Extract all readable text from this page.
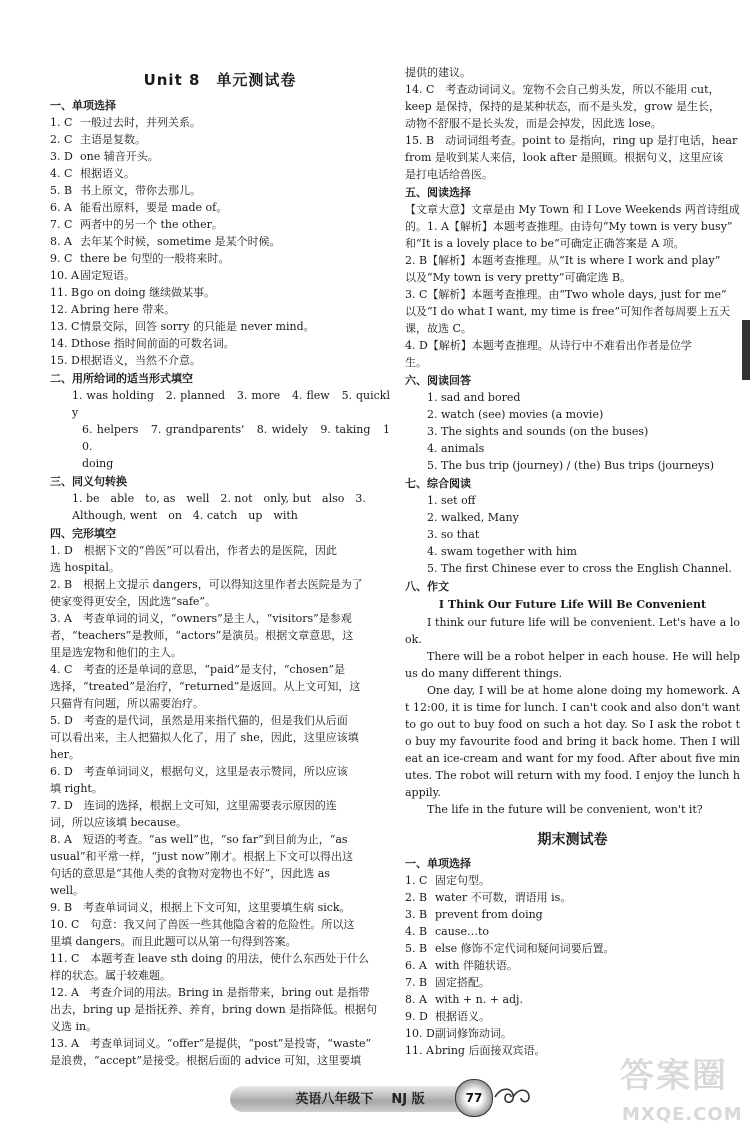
Unit 8　单元测试卷
一、单项选择
1. C 一般过去时，并列关系。
2. C 主语是复数。
3. D one 辅音开头。
4. C 根据语义。
5. B 书上原文，带你去那儿。
6. A 能看出原料，要是 made of。
7. C 两者中的另一个 the other。
8. A 去年某个时候，sometime 是某个时候。
9. C there be 句型的一般将来时。
10. A 固定短语。
11. B go on doing 继续做某事。
12. A bring here 带来。
13. C 情景交际，回答 sorry 的只能是 never mind。
14. D those 指时间前面的可数名词。
15. D 根据语义，当然不介意。
二、用所给词的适当形式填空
1. was holding　2. planned　3. more　4. flew　5. quickly
6. helpers　7. grandparents'　8. widely　9. taking　10.
doing
三、同义句转换
1. be　able　to, as　well　2. not　only, but　also　3.
Although, went　on　4. catch　up　with
四、完形填空
1. D　根据下文的“兽医”可以看出，作者去的是医院，因此
选 hospital。
2. B　根据上文提示 dangers，可以得知这里作者去医院是为了
使家变得更安全，因此选“safe”。
3. A　考查单词的词义，“owners”是主人，“visitors”是参观
者，“teachers”是教师，“actors”是演员。根据文章意思，这
里是选宠物和他们的主人。
4. C　考查的还是单词的意思，“paid”是支付，“chosen”是
选择，“treated”是治疗，“returned”是返回。从上文可知，这
只猫背有问题，所以需要治疗。
5. D　考查的是代词，虽然是用来指代猫的，但是我们从后面
可以看出来，主人把猫拟人化了，用了 she，因此，这里应该填
her。
6. D　考查单词词义，根据句义，这里是表示赞同，所以应该
填 right。
7. D　连词的选择，根据上文可知，这里需要表示原因的连
词，所以应该填 because。
8. A　短语的考查。“as well”也，“so far”到目前为止，“as
usual”和平常一样，“just now”刚才。根据上下文可以得出这
句话的意思是“其他人类的食物对宠物也不好”，因此选 as
well。
9. B　考查单词词义，根据上下文可知，这里要填生病 sick。
10. C　句意：我又问了兽医一些其他隐含着的危险性。所以这
里填 dangers。而且此题可以从第一句得到答案。
11. C　本题考查 leave sth doing 的用法，使什么东西处于什么
样的状态。属于较难题。
12. A　考查介词的用法。Bring in 是指带来，bring out 是指带
出去，bring up 是指抚养、养育，bring down 是指降低。根据句
义选 in。
13. A　考查单词词义。“offer”是提供，“post”是投寄，“waste”
是浪费，“accept”是接受。根据后面的 advice 可知，这里要填
提供的建议。
14. C　考查动词词义。宠物不会自己剪头发，所以不能用 cut，
keep 是保持，保持的是某种状态，而不是头发，grow 是生长，
动物不舒服不是长头发，而是会掉发，因此选 lose。
15. B　动词词组考查。point to 是指向，ring up 是打电话，hear
from 是收到某人来信，look after 是照顾。根据句义，这里应该
是打电话给兽医。
五、阅读选择
【文章大意】文章是由 My Town 和 I Love Weekends 两首诗组成
的。1. A【解析】本题考查推理。由诗句“My town is very busy”
和“It is a lovely place to be”可确定正确答案是 A 项。
2. B【解析】本题考查推理。从“It is where I work and play”
以及“My town is very pretty”可确定选 B。
3. C【解析】本题考查推理。由“Two whole days, just for me”
以及“I do what I want, my time is free”可知作者每周要上五天
课，故选 C。
4. D【解析】本题考查推理。从诗行中不难看出作者是位学
生。
六、阅读回答
1. sad and bored
2. watch (see) movies (a movie)
3. The sights and sounds (on the buses)
4. animals
5. The bus trip (journey) / (the) Bus trips (journeys)
七、综合阅读
1. set off
2. walked, Many
3. so that
4. swam together with him
5. The first Chinese ever to cross the English Channel.
八、作文
I Think Our Future Life Will Be Convenient

I think our future life will be convenient. Let's have a look.

There will be a robot helper in each house. He will help us do many different things.

One day, I will be at home alone doing my homework. At 12:00, it is time for lunch. I can't cook and also don't want to go out to buy food on such a hot day. So I ask the robot to buy my favourite food and bring it back home. Then I will eat an ice-cream and want for my food. After about five minutes. The robot will return with my food. I enjoy the lunch happily.

The life in the future will be convenient, won't it?

期末测试卷
一、单项选择
1. C 固定句型。
2. B water 不可数，谓语用 is。
3. B prevent from doing
4. B cause…to
5. B else 修饰不定代词和疑问词要后置。
6. A with 伴随状语。
7. B 固定搭配。
8. A with + n. + adj.
9. D 根据语义。
10. D 副词修饰动词。
11. A bring 后面接双宾语。
英语八年级下 NJ 版	77
答案圈
MXQE.COM
